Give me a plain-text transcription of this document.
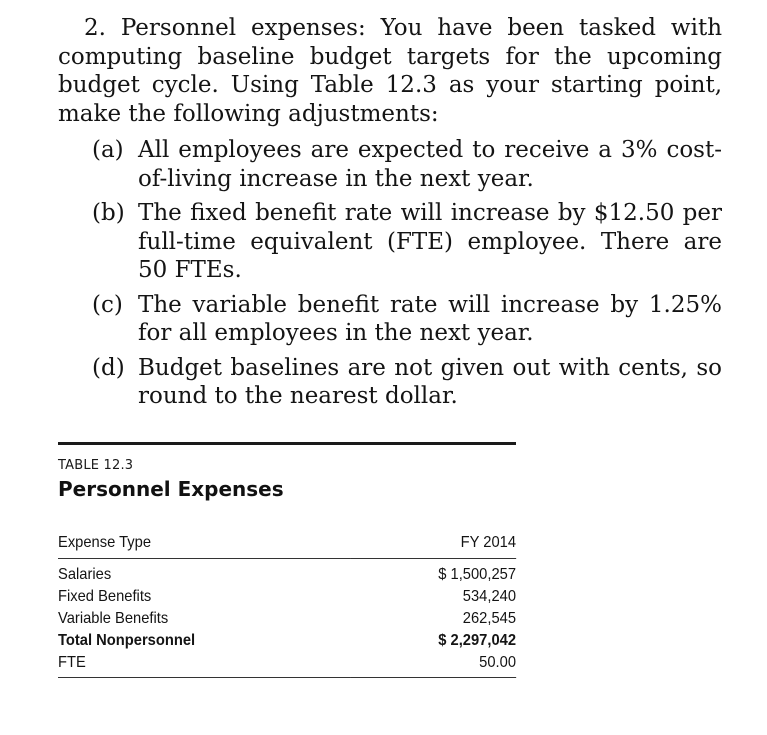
2. Personnel expenses: You have been tasked with computing baseline budget targets for the upcoming budget cycle. Using Table 12.3 as your starting point, make the following adjustments:

(a) All employees are expected to receive a 3% cost-of-living increase in the next year.
(b) The fixed benefit rate will increase by $12.50 per full-time equivalent (FTE) employee. There are 50 FTEs.
(c) The variable benefit rate will increase by 1.25% for all employees in the next year.
(d) Budget baselines are not given out with cents, so round to the nearest dollar.
TABLE 12.3
Personnel Expenses
Expense Type	FY 2014
Salaries	$ 1,500,257
Fixed Benefits	534,240
Variable Benefits	262,545
Total Nonpersonnel	$ 2,297,042
FTE	50.00
